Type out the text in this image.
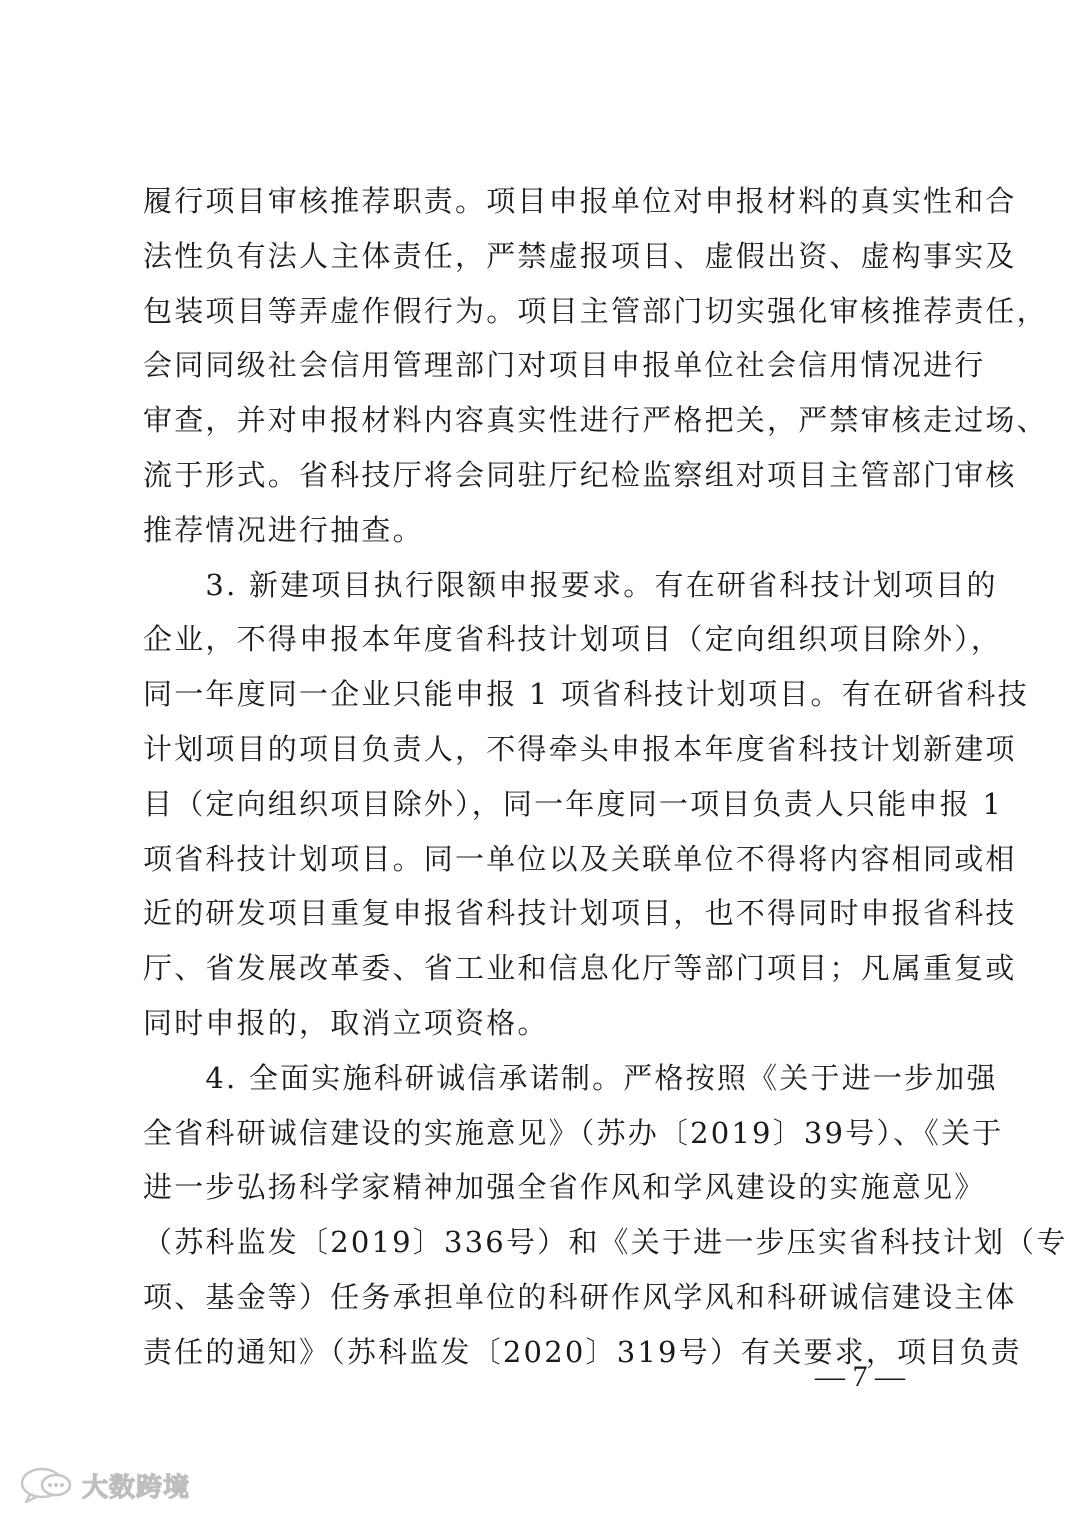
履行项目审核推荐职责。项目申报单位对申报材料的真实性和合
法性负有法人主体责任，严禁虚报项目、虚假出资、虚构事实及
包装项目等弄虚作假行为。项目主管部门切实强化审核推荐责任，
会同同级社会信用管理部门对项目申报单位社会信用情况进行
审查，并对申报材料内容真实性进行严格把关，严禁审核走过场、
流于形式。省科技厅将会同驻厅纪检监察组对项目主管部门审核
推荐情况进行抽查。
　　3. 新建项目执行限额申报要求。有在研省科技计划项目的
企业，不得申报本年度省科技计划项目（定向组织项目除外），
同一年度同一企业只能申报 1 项省科技计划项目。有在研省科技
计划项目的项目负责人，不得牵头申报本年度省科技计划新建项
目（定向组织项目除外），同一年度同一项目负责人只能申报 1
项省科技计划项目。同一单位以及关联单位不得将内容相同或相
近的研发项目重复申报省科技计划项目，也不得同时申报省科技
厅、省发展改革委、省工业和信息化厅等部门项目；凡属重复或
同时申报的，取消立项资格。
　　4. 全面实施科研诚信承诺制。严格按照《关于进一步加强
全省科研诚信建设的实施意见》（苏办〔2019〕39号）、《关于
进一步弘扬科学家精神加强全省作风和学风建设的实施意见》
（苏科监发〔2019〕336号）和《关于进一步压实省科技计划（专
项、基金等）任务承担单位的科研作风学风和科研诚信建设主体
责任的通知》（苏科监发〔2020〕319号）有关要求，项目负责
— 7 —
大数跨境
